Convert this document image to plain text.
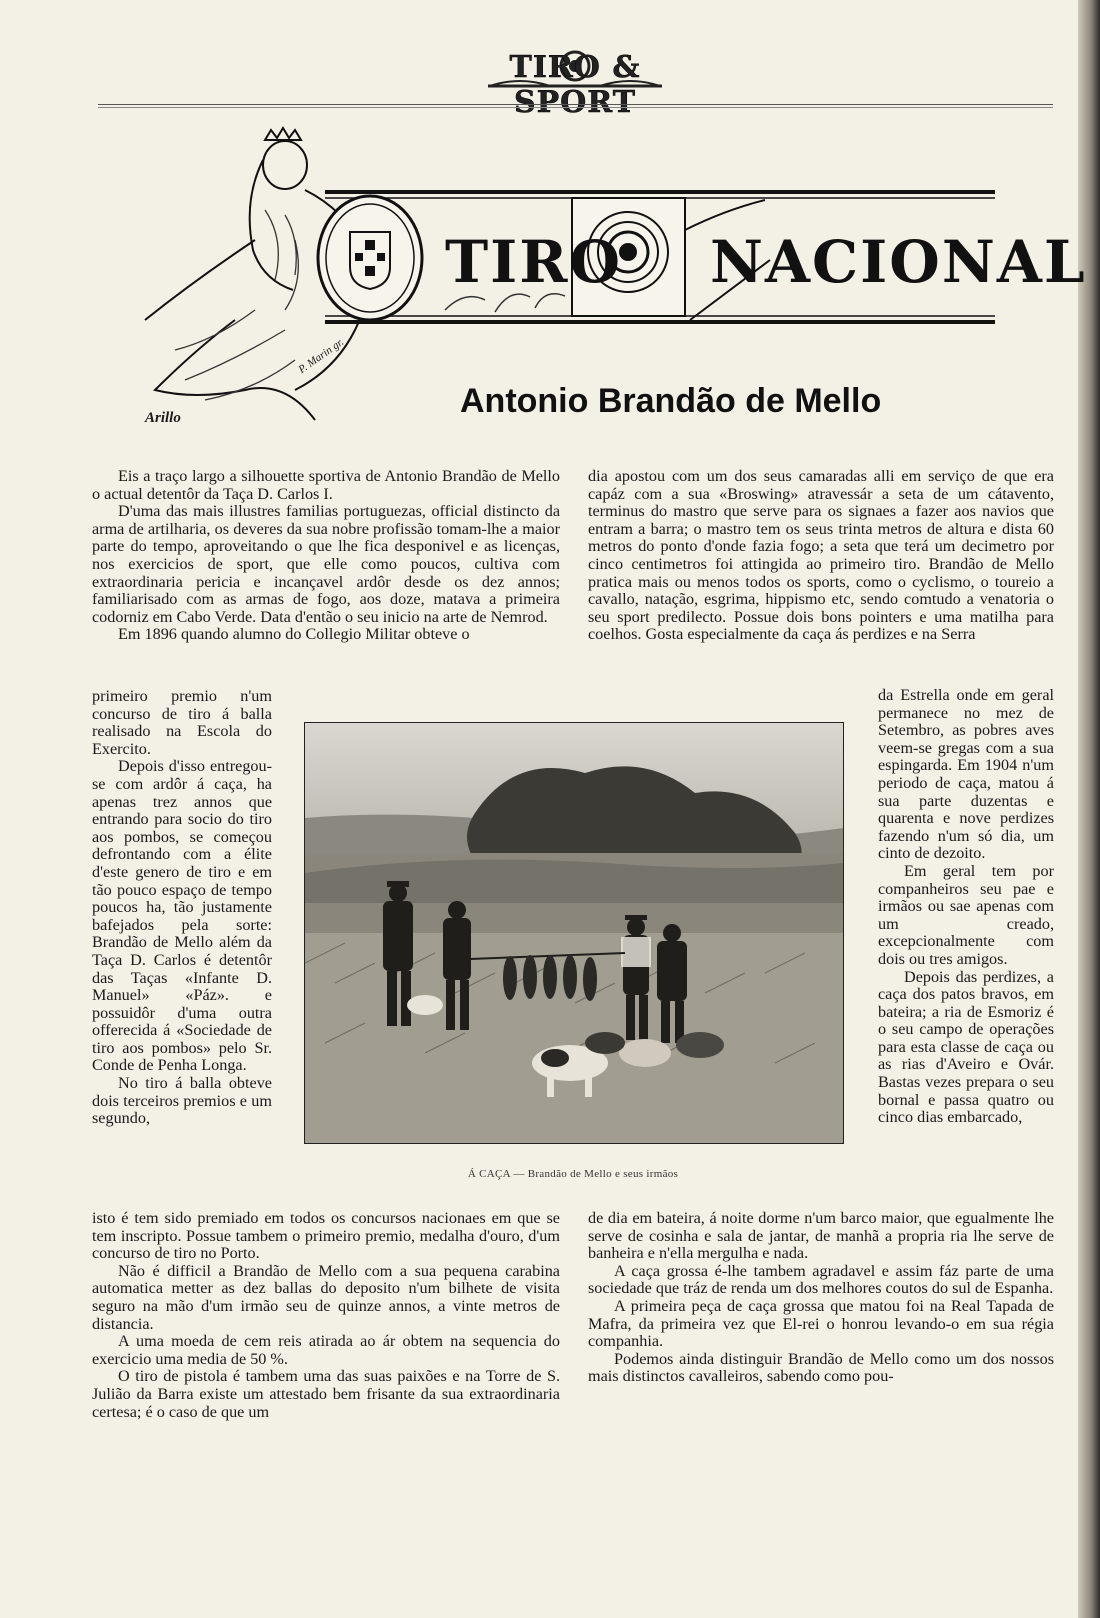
TIRO & SPORT
TIRO NACIONAL
Arillo
P. Marin gr.
Antonio Brandão de Mello

Eis a traço largo a silhouette sportiva de Antonio Brandão de Mello o actual detentôr da Taça D. Carlos I.

D'uma das mais illustres familias portuguezas, official distincto da arma de artilharia, os deveres da sua nobre profissão tomam-lhe a maior parte do tempo, aproveitando o que lhe fica desponivel e as licenças, nos exercicios de sport, que elle como poucos, cultiva com extraordinaria pericia e incançavel ardôr desde os dez annos; familiarisado com as armas de fogo, aos doze, matava a primeira codorniz em Cabo Verde. Data d'então o seu inicio na arte de Nemrod.

Em 1896 quando alumno do Collegio Militar obteve o

primeiro premio n'um concurso de tiro á balla realisado na Escola do Exercito.

Depois d'isso entregou-se com ardôr á caça, ha apenas trez annos que entrando para socio do tiro aos pombos, se começou defrontando com a élite d'este genero de tiro e em tão pouco espaço de tempo poucos ha, tão justamente bafejados pela sorte: Brandão de Mello além da Taça D. Carlos é detentôr das Taças «Infante D. Manuel» «Páz». e possuidôr d'uma outra offerecida á «Sociedade de tiro aos pombos» pelo Sr. Conde de Penha Longa.

No tiro á balla obteve dois terceiros premios e um segundo,

isto é tem sido premiado em todos os concursos nacionaes em que se tem inscripto. Possue tambem o primeiro premio, medalha d'ouro, d'um concurso de tiro no Porto.

Não é difficil a Brandão de Mello com a sua pequena carabina automatica metter as dez ballas do deposito n'um bilhete de visita seguro na mão d'um irmão seu de quinze annos, a vinte metros de distancia.

A uma moeda de cem reis atirada ao ár obtem na sequencia do exercicio uma media de 50 %.

O tiro de pistola é tambem uma das suas paixões e na Torre de S. Julião da Barra existe um attestado bem frisante da sua extraordinaria certesa; é o caso de que um

dia apostou com um dos seus camaradas alli em serviço de que era capáz com a sua «Broswing» atravessár a seta de um cátavento, terminus do mastro que serve para os signaes a fazer aos navios que entram a barra; o mastro tem os seus trinta metros de altura e dista 60 metros do ponto d'onde fazia fogo; a seta que terá um decimetro por cinco centimetros foi attingida ao primeiro tiro. Brandão de Mello pratica mais ou menos todos os sports, como o cyclismo, o toureio a cavallo, natação, esgrima, hippismo etc, sendo comtudo a venatoria o seu sport predilecto. Possue dois bons pointers e uma matilha para coelhos. Gosta especialmente da caça ás perdizes e na Serra

da Estrella onde em geral permanece no mez de Setembro, as pobres aves veem-se gregas com a sua espingarda. Em 1904 n'um periodo de caça, matou á sua parte duzentas e quarenta e nove perdizes fazendo n'um só dia, um cinto de dezoito.

Em geral tem por companheiros seu pae e irmãos ou sae apenas com um creado, excepcionalmente com dois ou tres amigos.

Depois das perdizes, a caça dos patos bravos, em bateira; a ria de Esmoriz é o seu campo de operações para esta classe de caça ou as rias d'Aveiro e Ovár. Bastas vezes prepara o seu bornal e passa quatro ou cinco dias embarcado,

de dia em bateira, á noite dorme n'um barco maior, que egualmente lhe serve de cosinha e sala de jantar, de manhã a propria ria lhe serve de banheira e n'ella mergulha e nada.

A caça grossa é-lhe tambem agradavel e assim fáz parte de uma sociedade que tráz de renda um dos melhores coutos do sul de Espanha.

A primeira peça de caça grossa que matou foi na Real Tapada de Mafra, da primeira vez que El-rei o honrou levando-o em sua régia companhia.

Podemos ainda distinguir Brandão de Mello como um dos nossos mais distinctos cavalleiros, sabendo como pou-

Á CAÇA — Brandão de Mello e seus irmãos
